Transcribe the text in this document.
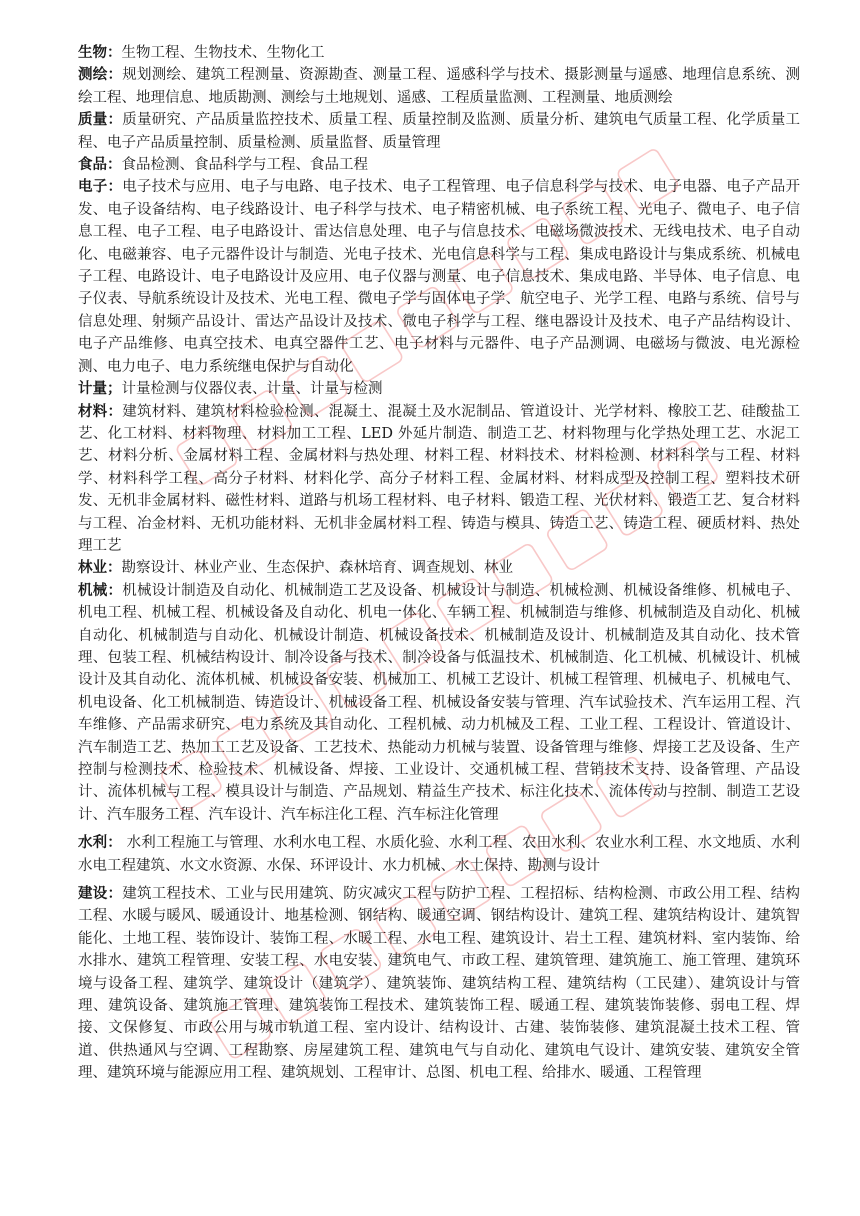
生物：生物工程、生物技术、生物化工

测绘：规划测绘、建筑工程测量、资源勘查、测量工程、遥感科学与技术、摄影测量与遥感、地理信息系统、测绘工程、地理信息、地质勘测、测绘与土地规划、遥感、工程质量监测、工程测量、地质测绘

质量：质量研究、产品质量监控技术、质量工程、质量控制及监测、质量分析、建筑电气质量工程、化学质量工程、电子产品质量控制、质量检测、质量监督、质量管理

食品：食品检测、食品科学与工程、食品工程

电子：电子技术与应用、电子与电路、电子技术、电子工程管理、电子信息科学与技术、电子电器、电子产品开发、电子设备结构、电子线路设计、电子科学与技术、电子精密机械、电子系统工程、光电子、微电子、电子信息工程、电子工程、电子电路设计、雷达信息处理、电子与信息技术、电磁场微波技术、无线电技术、电子自动化、电磁兼容、电子元器件设计与制造、光电子技术、光电信息科学与工程、集成电路设计与集成系统、机械电子工程、电路设计、电子电路设计及应用、电子仪器与测量、电子信息技术、集成电路、半导体、电子信息、电子仪表、导航系统设计及技术、光电工程、微电子学与固体电子学、航空电子、光学工程、电路与系统、信号与信息处理、射频产品设计、雷达产品设计及技术、微电子科学与工程、继电器设计及技术、电子产品结构设计、电子产品维修、电真空技术、电真空器件工艺、电子材料与元器件、电子产品测调、电磁场与微波、电光源检测、电力电子、电力系统继电保护与自动化

计量；计量检测与仪器仪表、计量、计量与检测

材料：建筑材料、建筑材料检验检测、混凝土、混凝土及水泥制品、管道设计、光学材料、橡胶工艺、硅酸盐工艺、化工材料、材料物理、材料加工工程、LED 外延片制造、制造工艺、材料物理与化学热处理工艺、水泥工艺、材料分析、金属材料工程、金属材料与热处理、材料工程、材料技术、材料检测、材料科学与工程、材料学、材料科学工程、高分子材料、材料化学、高分子材料工程、金属材料、材料成型及控制工程、塑料技术研发、无机非金属材料、磁性材料、道路与机场工程材料、电子材料、锻造工程、光伏材料、锻造工艺、复合材料与工程、冶金材料、无机功能材料、无机非金属材料工程、铸造与模具、铸造工艺、铸造工程、硬质材料、热处理工艺

林业：勘察设计、林业产业、生态保护、森林培育、调查规划、林业

机械：机械设计制造及自动化、机械制造工艺及设备、机械设计与制造、机械检测、机械设备维修、机械电子、机电工程、机械工程、机械设备及自动化、机电一体化、车辆工程、机械制造与维修、机械制造及自动化、机械自动化、机械制造与自动化、机械设计制造、机械设备技术、机械制造及设计、机械制造及其自动化、技术管理、包装工程、机械结构设计、制冷设备与技术、制冷设备与低温技术、机械制造、化工机械、机械设计、机械设计及其自动化、流体机械、机械设备安装、机械加工、机械工艺设计、机械工程管理、机械电子、机械电气、机电设备、化工机械制造、铸造设计、机械设备工程、机械设备安装与管理、汽车试验技术、汽车运用工程、汽车维修、产品需求研究、电力系统及其自动化、工程机械、动力机械及工程、工业工程、工程设计、管道设计、汽车制造工艺、热加工工艺及设备、工艺技术、热能动力机械与装置、设备管理与维修、焊接工艺及设备、生产控制与检测技术、检验技术、机械设备、焊接、工业设计、交通机械工程、营销技术支持、设备管理、产品设计、流体机械与工程、模具设计与制造、产品规划、精益生产技术、标注化技术、流体传动与控制、制造工艺设计、汽车服务工程、汽车设计、汽车标注化工程、汽车标注化管理

水利： 水利工程施工与管理、水利水电工程、水质化验、水利工程、农田水利、农业水利工程、水文地质、水利水电工程建筑、水文水资源、水保、环评设计、水力机械、水土保持、勘测与设计

建设：建筑工程技术、工业与民用建筑、防灾减灾工程与防护工程、工程招标、结构检测、市政公用工程、结构工程、水暖与暖风、暖通设计、地基检测、钢结构、暖通空调、钢结构设计、建筑工程、建筑结构设计、建筑智能化、土地工程、装饰设计、装饰工程、水暖工程、水电工程、建筑设计、岩土工程、建筑材料、室内装饰、给水排水、建筑工程管理、安装工程、水电安装、建筑电气、市政工程、建筑管理、建筑施工、施工管理、建筑环境与设备工程、建筑学、建筑设计（建筑学）、建筑装饰、建筑结构工程、建筑结构（工民建）、建筑设计与管理、建筑设备、建筑施工管理、建筑装饰工程技术、建筑装饰工程、暖通工程、建筑装饰装修、弱电工程、焊接、文保修复、市政公用与城市轨道工程、室内设计、结构设计、古建、装饰装修、建筑混凝土技术工程、管道、供热通风与空调、工程勘察、房屋建筑工程、建筑电气与自动化、建筑电气设计、建筑安装、建筑安全管理、建筑环境与能源应用工程、建筑规划、工程审计、总图、机电工程、给排水、暖通、工程管理
